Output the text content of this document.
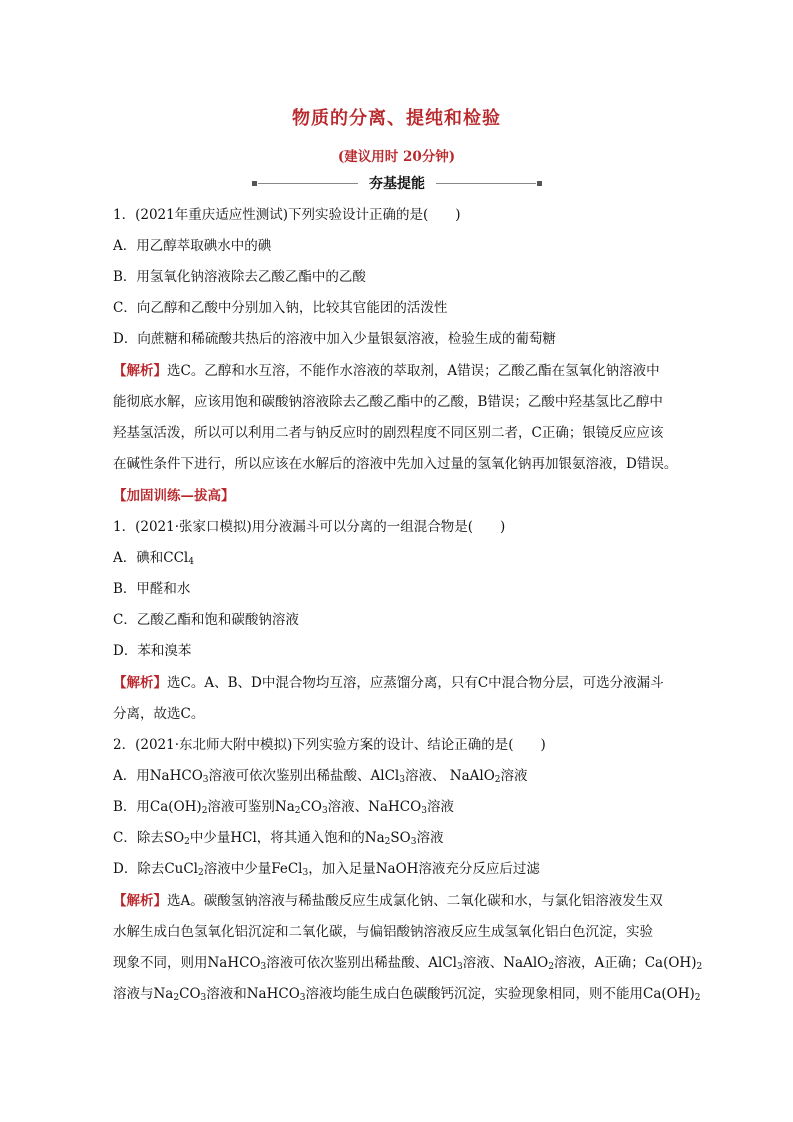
物质的分离、提纯和检验
(建议用时 20分钟)
夯基提能
1．(2021年重庆适应性测试)下列实验设计正确的是(　　)
A．用乙醇萃取碘水中的碘
B．用氢氧化钠溶液除去乙酸乙酯中的乙酸
C．向乙醇和乙酸中分别加入钠，比较其官能团的活泼性
D．向蔗糖和稀硫酸共热后的溶液中加入少量银氨溶液，检验生成的葡萄糖
【解析】选C。乙醇和水互溶，不能作水溶液的萃取剂，A错误；乙酸乙酯在氢氧化钠溶液中
能彻底水解，应该用饱和碳酸钠溶液除去乙酸乙酯中的乙酸，B错误；乙酸中羟基氢比乙醇中
羟基氢活泼，所以可以利用二者与钠反应时的剧烈程度不同区别二者，C正确；银镜反应应该
在碱性条件下进行，所以应该在水解后的溶液中先加入过量的氢氧化钠再加银氨溶液，D错误。
【加固训练—拔高】
1．(2021·张家口模拟)用分液漏斗可以分离的一组混合物是(　　)
A．碘和CCl$_4$
B．甲醛和水
C．乙酸乙酯和饱和碳酸钠溶液
D．苯和溴苯
【解析】选C。A、B、D中混合物均互溶，应蒸馏分离，只有C中混合物分层，可选分液漏斗
分离，故选C。
2．(2021·东北师大附中模拟)下列实验方案的设计、结论正确的是(　　)
A．用NaHCO$_3$溶液可依次鉴别出稀盐酸、AlCl$_3$溶液、 NaAlO$_2$溶液
B．用$Ca(OH)_2$溶液可鉴别$Na_2CO_3$溶液、NaHCO$_3$溶液
C．除去$SO_2$中少量HCl，将其通入饱和的$Na_2SO_3$溶液
D．除去CuCl$_2$溶液中少量FeCl$_3$，加入足量NaOH溶液充分反应后过滤
【解析】选A。碳酸氢钠溶液与稀盐酸反应生成氯化钠、二氧化碳和水，与氯化铝溶液发生双
水解生成白色氢氧化铝沉淀和二氧化碳，与偏铝酸钠溶液反应生成氢氧化铝白色沉淀，实验
现象不同，则用NaHCO$_3$溶液可依次鉴别出稀盐酸、AlCl$_3$溶液、NaAlO$_2$溶液，A正确；$Ca(OH)_2$
溶液与$Na_2CO_3$溶液和NaHCO$_3$溶液均能生成白色碳酸钙沉淀，实验现象相同，则不能用$Ca(OH)_2$
